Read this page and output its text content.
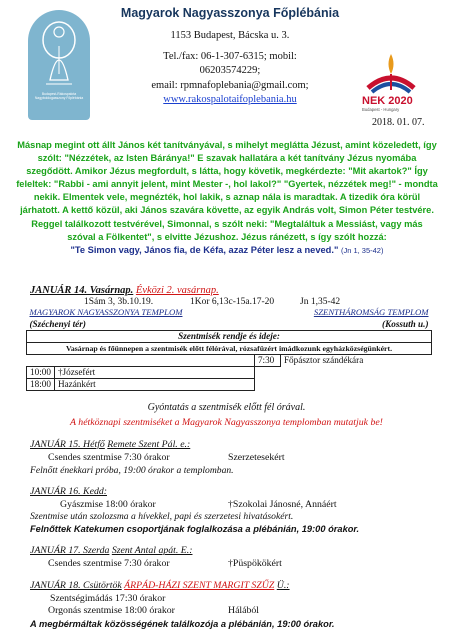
Budapest-Rákospalota Nagyboldogasszony Főplébánia
Magyarok Nagyasszonya Főplébánia
1153 Budapest, Bácska u. 3.
Tel./fax: 06-1-307-6315; mobil:
06203574229;
email: rpmnafoplebania@gmail.com;
www.rakospalotaifoplebania.hu	NEK 2020
Budapest - Hungary
2018. 01. 07.
Másnap megint ott állt János két tanítványával, s mihelyt meglátta Jézust, amint közeledett, így szólt: "Nézzétek, az Isten Báránya!" E szavak hallatára a két tanítvány Jézus nyomába szegődött. Amikor Jézus megfordult, s látta, hogy követik, megkérdezte: "Mit akartok?" Így feleltek: "Rabbi - ami annyit jelent, mint Mester -, hol lakol?" "Gyertek, nézzétek meg!" - mondta nekik. Elmentek vele, megnézték, hol lakik, s aznap nála is maradtak. A tizedik óra körül járhatott. A kettő közül, aki János szavára követte, az egyik András volt, Simon Péter testvére. Reggel találkozott testvérével, Simonnal, s szólt neki: "Megtaláltuk a Messiást, vagy más szóval a Fölkentet", s elvitte Jézushoz. Jézus ránézett, s így szólt hozzá:
"Te Simon vagy, János fia, de Kéfa, azaz Péter lesz a neved." (Jn 1, 35-42)
JANUÁR 14. Vasárnap. Évközi 2. vasárnap.
1Sám 3, 3b.10.19.	1Kor 6,13c-15a.17-20	Jn 1,35-42
MAGYAROK NAGYASSZONYA TEMPLOM		SZENTHÁROMSÁG TEMPLOM	
(Széchenyi tér)		(Kossuth u.)	
Szentmisék rendje és ideje:			
Vasárnap és főünnepen a szentmisék előtt félórával, rózsafüzért imádkozunk egyházközségünkért.			
		7:30	Főpásztor szándékára
10:00	†Józsefért		
18:00	Hazánkért		
Gyóntatás a szentmisék előtt fél órával.
A hétköznapi szentmiséket a Magyarok Nagyasszonya templomban mutatjuk be!
JANUÁR 15. Hétfő Remete Szent Pál. e.:
Csendes szentmise 7:30 órakor	Szerzetesekért
Felnőtt énekkari próba, 19:00 órakor a templomban.
JANUÁR 16. Kedd:
Gyászmise 18:00 órakor	†Szokolai Jánosné, Annáért
Szentmise után szolozsma a hívekkel, papi és szerzetesi hivatásokért.
Felnőttek Katekumen csoportjának foglalkozása a plébánián, 19:00 órakor.
JANUÁR 17. Szerda Szent Antal apát. E.:
Csendes szentmise 7:30 órakor	†Püspökökért
JANUÁR 18. Csütörtök ÁRPÁD-HÁZI SZENT MARGIT SZŰZ Ü.:
Szentségimádás 17:30 órakor
Orgonás szentmise 18:00 órakor	Hálából
A megbérmáltak közösségének találkozója a plébánián, 19:00 órakor.
